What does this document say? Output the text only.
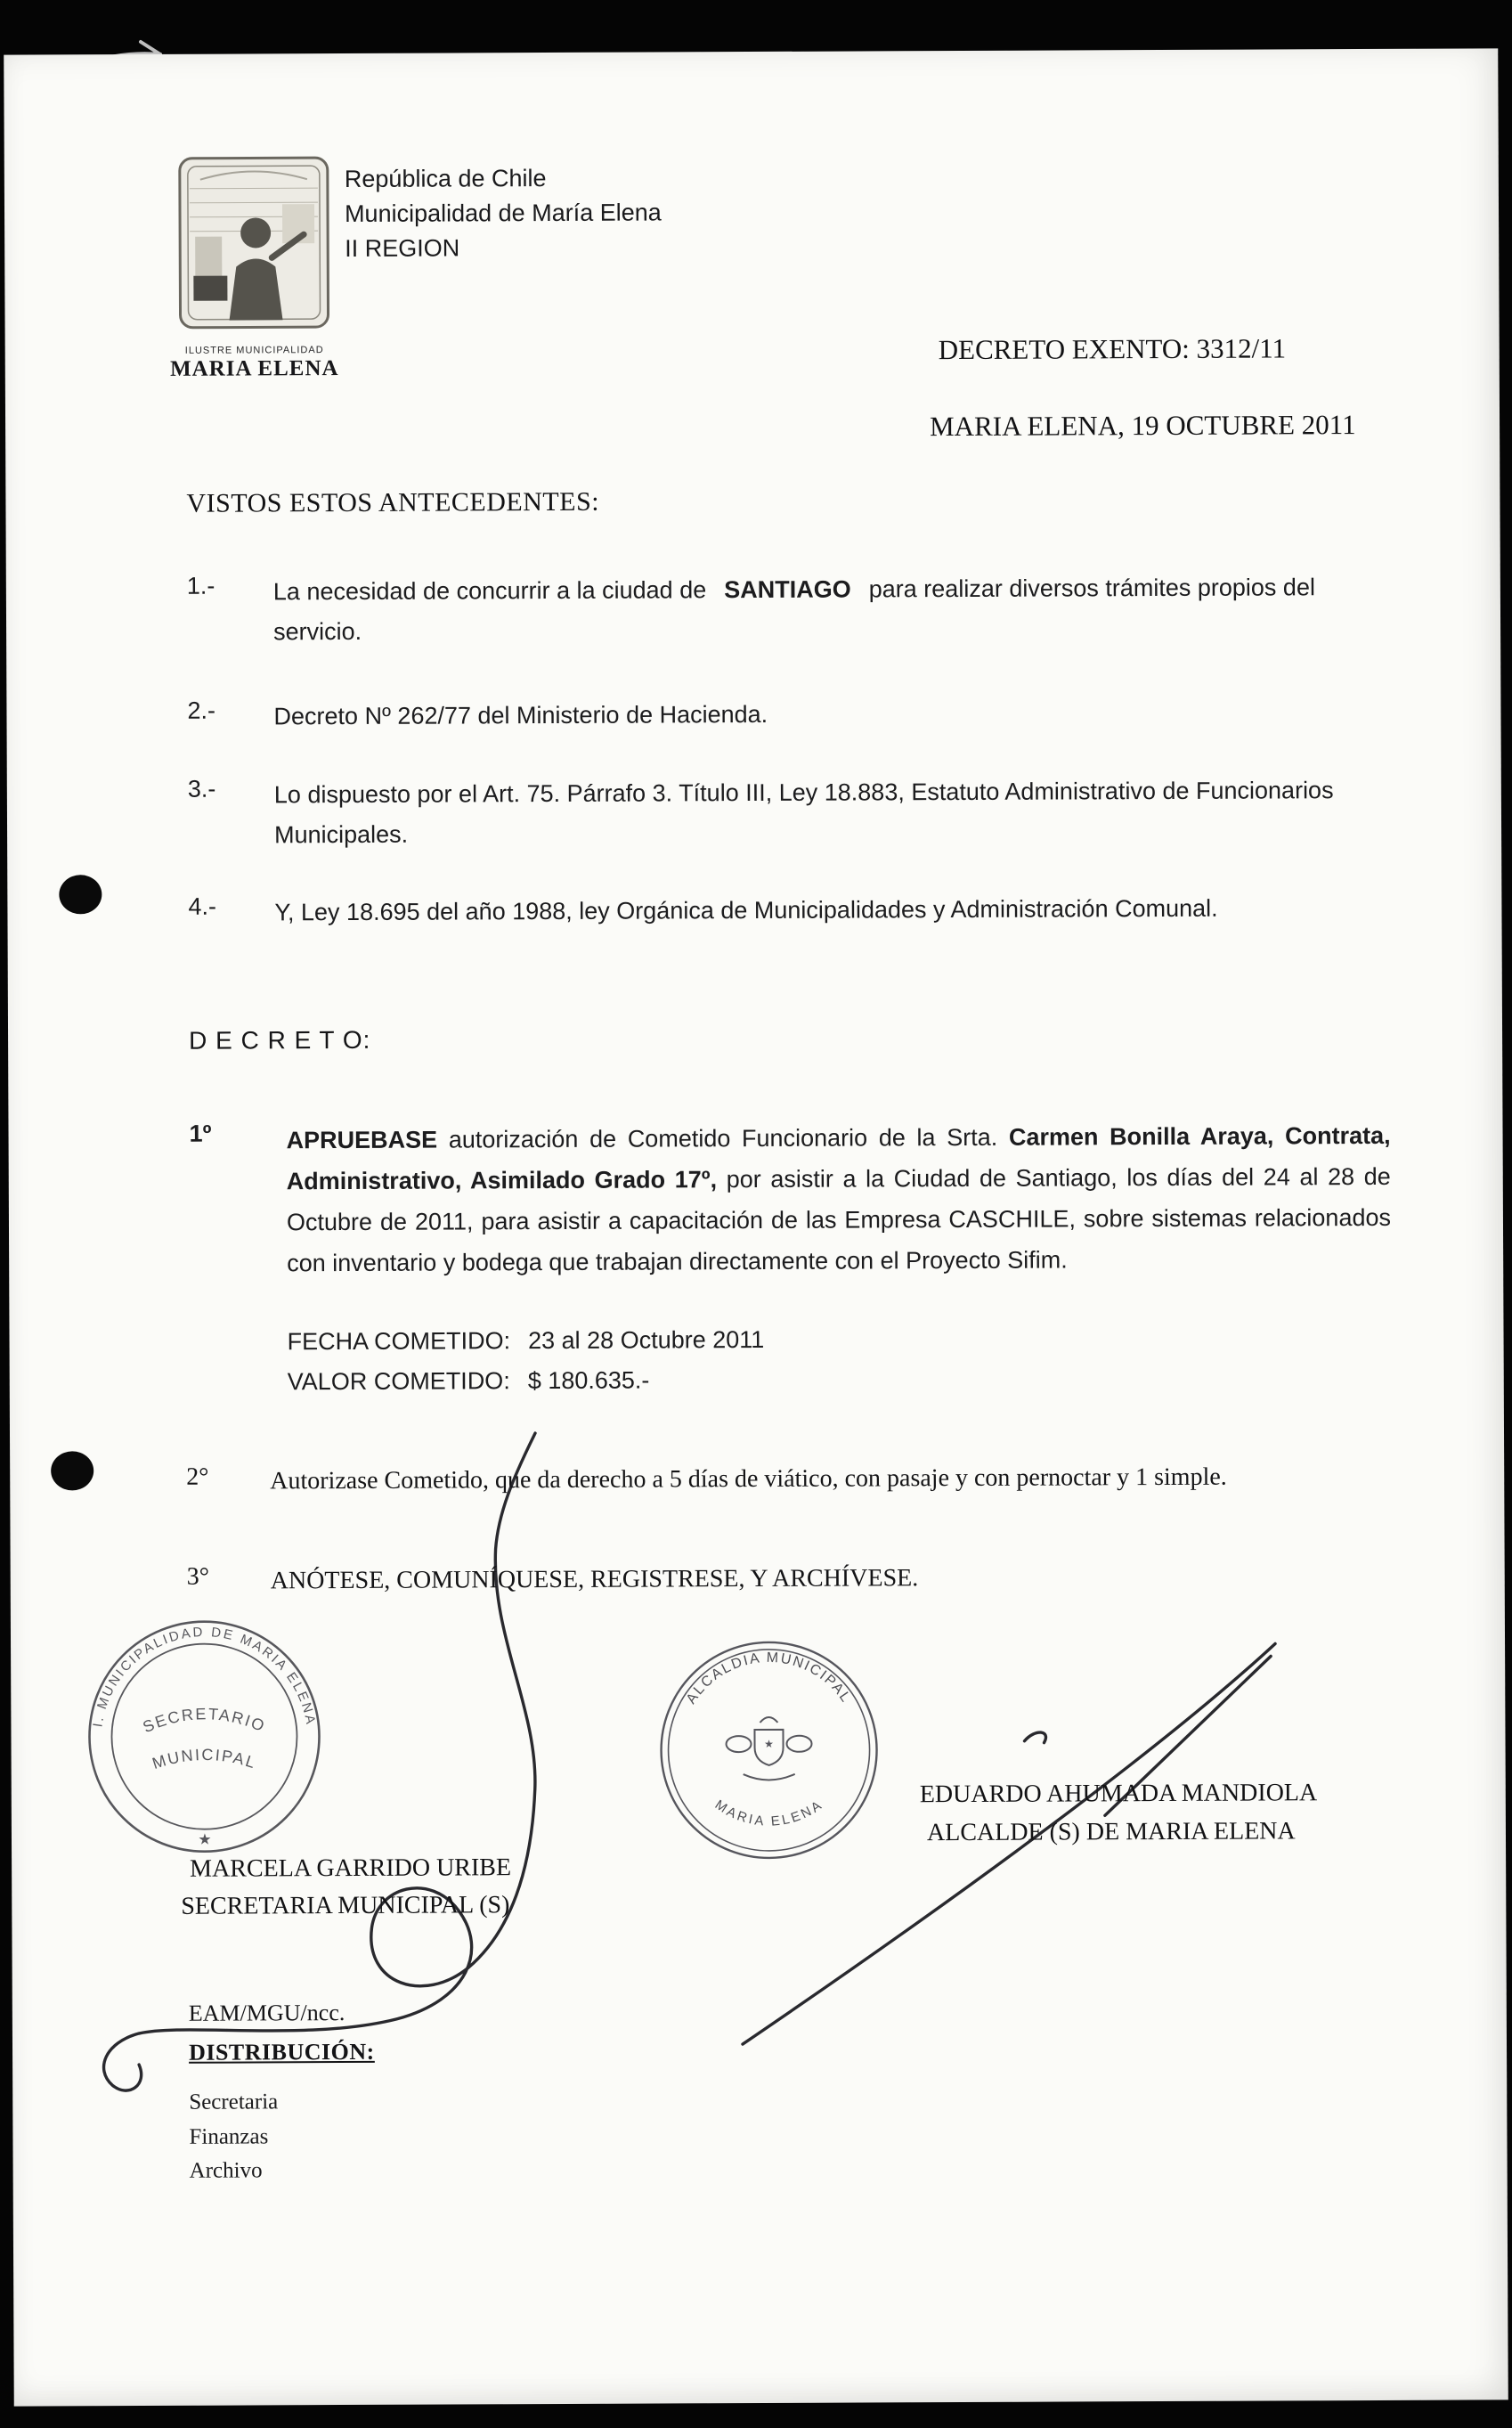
ILUSTRE MUNICIPALIDAD
MARIA ELENA
República de Chile
Municipalidad de María Elena
II REGION
DECRETO EXENTO: 3312/11
MARIA ELENA, 19 OCTUBRE 2011
VISTOS ESTOS ANTECEDENTES:
1.- La necesidad de concurrir a la ciudad de SANTIAGO para realizar diversos trámites propios del servicio.
2.- Decreto Nº 262/77 del Ministerio de Hacienda.
3.- Lo dispuesto por el Art. 75. Párrafo 3. Título III, Ley 18.883, Estatuto Administrativo de Funcionarios Municipales.
4.- Y, Ley 18.695 del año 1988, ley Orgánica de Municipalidades y Administración Comunal.
D E C R E T O:
1º	APRUEBASE autorización de Cometido Funcionario de la Srta. Carmen Bonilla Araya, Contrata, Administrativo, Asimilado Grado 17º, por asistir a la Ciudad de Santiago, los días del 24 al 28 de Octubre de 2011, para asistir a capacitación de las Empresa CASCHILE, sobre sistemas relacionados con inventario y bodega que trabajan directamente con el Proyecto Sifim.
FECHA COMETIDO: 23 al 28 Octubre 2011
VALOR COMETIDO: $ 180.635.-
2° Autorizase Cometido, que da derecho a 5 días de viático, con pasaje y con pernoctar y 1 simple.
3° ANÓTESE, COMUNÍQUESE, REGISTRESE, Y ARCHÍVESE.
I. MUNICIPALIDAD DE MARIA ELENA
SECRETARIO
MUNICIPAL
★
ALCALDIA MUNICIPAL
MARIA ELENA
★
MARCELA GARRIDO URIBE
SECRETARIA MUNICIPAL (S)
EDUARDO AHUMADA MANDIOLA
ALCALDE (S) DE MARIA ELENA
EAM/MGU/ncc.
DISTRIBUCIÓN:
Secretaria
Finanzas
Archivo
